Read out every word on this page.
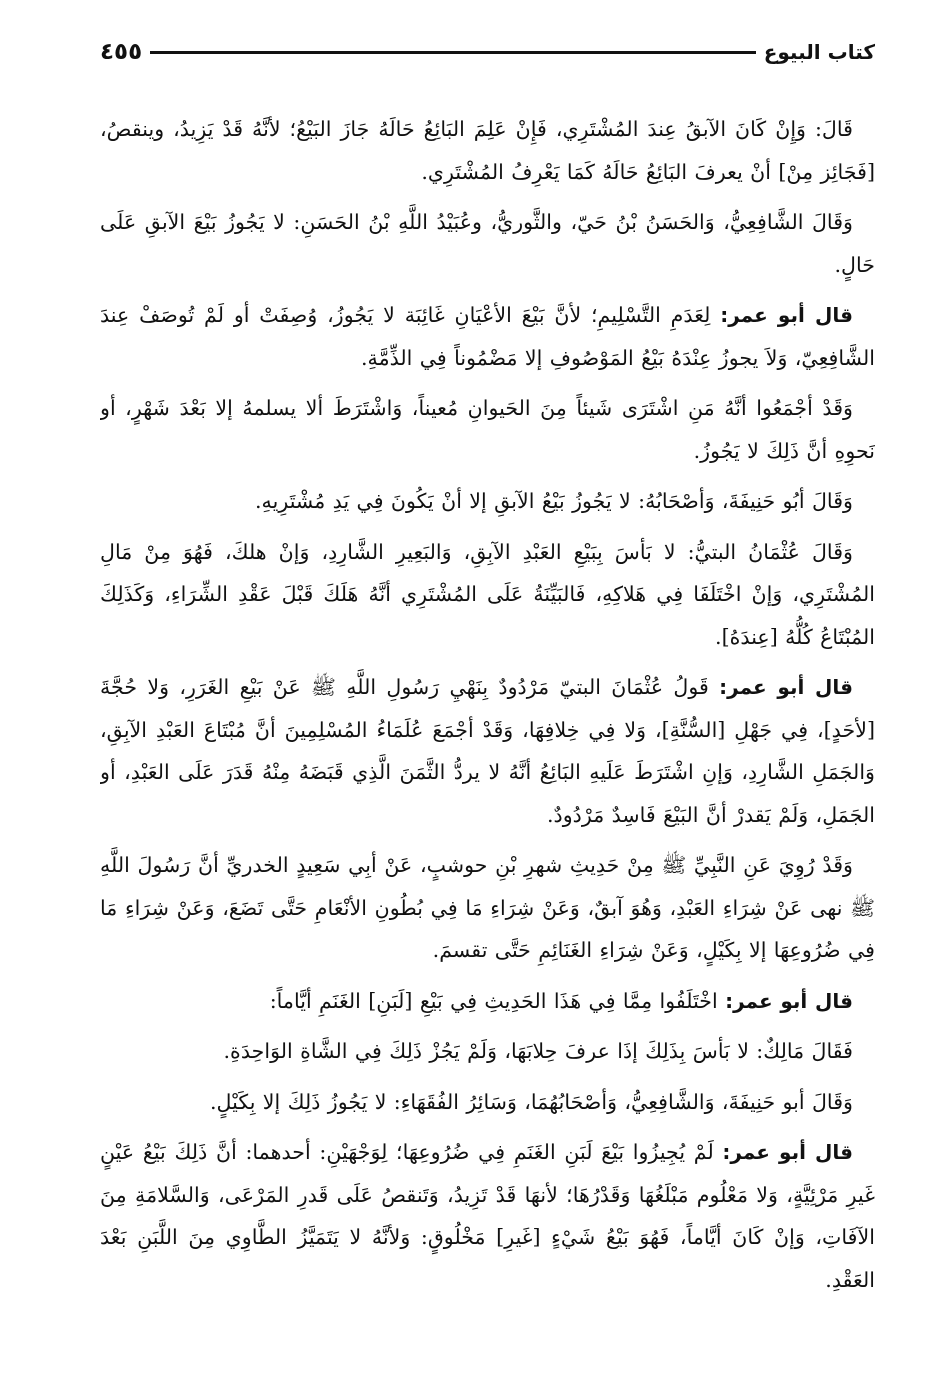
كتاب البيوع
٤٥٥

قَالَ: وَإِنْ كَانَ الآبقُ عِندَ المُشْتَرِي، فَإِنْ عَلِمَ البَائِعُ حَالَهُ جَازَ البَيْعُ؛ لأنَّهُ قَدْ يَزِيدُ، وينقصُ، [فَجَائِز مِنْ] أنْ يعرفَ البَائِعُ حَالَهُ كَمَا يَعْرِفُ المُشْتَرِي.

وَقَالَ الشَّافِعِيُّ، وَالحَسَنُ بْنُ حَيّ، والثَّوريُّ، وعُبَيْدُ اللَّهِ بْنُ الحَسَنِ: لا يَجُوزُ بَيْعَ الآبقِ عَلَى حَالٍ.

قال أبو عمر: لِعَدَمِ التَّسْلِيمِ؛ لأنَّ بَيْعَ الأعْيَانِ غَائِبَة لا يَجُوزُ، وُصِفَتْ أو لَمْ تُوصَفْ عِندَ الشَّافِعِيّ، وَلاَ يجوزُ عِنْدَهُ بَيْعُ المَوْصُوفِ إلا مَضْمُوناً فِي الذِّمَّةِ.

وَقَدْ أجْمَعُوا أنَّهُ مَنِ اشْتَرَى شَيئاً مِنَ الحَيوانِ مُعيناً، وَاشْتَرَطَ ألا يسلمهُ إلا بَعْدَ شَهْرٍ، أو نَحوِهِ أنَّ ذَلِكَ لا يَجُوزُ.

وَقَالَ أبُو حَنِيفَةَ، وَأصْحَابُهُ: لا يَجُوزُ بَيْعُ الآبقِ إلا أنْ يَكُونَ فِي يَدِ مُشْتَرِيهِ.

وَقَالَ عُثْمَانُ البتيُّ: لا بَأسَ بِبَيْعِ العَبْدِ الآبِقِ، وَالبَعِيرِ الشَّارِدِ، وَإنْ هلكَ، فَهُوَ مِنْ مَالِ المُشْتَرِي، وَإنْ اخْتَلَفَا فِي هَلاكِهِ، فَالبَيِّنَةُ عَلَى المُشْتَرِي أنَّهُ هَلَكَ قَبْلَ عَقْدِ الشِّرَاءِ، وَكَذَلِكَ المُبْتَاعُ كُلُّهُ [عِندَهُ].

قال أبو عمر: قَولُ عُثْمَانَ البتيّ مَرْدُودٌ بِنَهْيِ رَسُولِ اللَّهِ ﷺ عَنْ بَيْعِ الغَرَرِ، وَلا حُجَّةَ [لأحَدٍ]، فِي جَهْلِ [السُّنَّةِ]، وَلا فِي خِلافِهَا، وَقَدْ أجْمَعَ عُلَمَاءُ المُسْلِمِينَ أنَّ مُبْتَاعَ العَبْدِ الآبِقِ، وَالجَمَلِ الشَّارِدِ، وَإنِ اشْتَرَطَ عَلَيهِ البَائِعُ أنَّهُ لا يردُّ الثَّمَنَ الَّذِي قَبَضَهُ مِنْهُ قَدَرَ عَلَى العَبْدِ، أو الجَمَلِ، وَلَمْ يَقدرْ أنَّ البَيْعَ فَاسِدٌ مَرْدُودٌ.

وَقَدْ رُوِيَ عَنِ النَّبِيِّ ﷺ مِنْ حَدِيثِ شهرِ بْنِ حوشبٍ، عَنْ أبِي سَعِيدٍ الخدريِّ أنَّ رَسُولَ اللَّهِ ﷺ نهى عَنْ شِرَاءِ العَبْدِ، وَهُوَ آبقٌ، وَعَنْ شِرَاءِ مَا فِي بُطُونِ الأنْعَامِ حَتَّى تَضَعَ، وَعَنْ شِرَاءِ مَا فِي ضُرُوعِهَا إلا بِكَيْلٍ، وَعَنْ شِرَاءِ الغَنَائِمِ حَتَّى تقسمَ.

قال أبو عمر: اخْتَلَفُوا مِمَّا فِي هَذَا الحَدِيثِ فِي بَيْعِ [لَبَنِ] الغَنَمِ أيَّاماً:

فَقَالَ مَالِكٌ: لا بَأسَ بِذَلِكَ إذَا عرفَ حِلابَهَا، وَلَمْ يَجُزْ ذَلِكَ فِي الشَّاةِ الوَاحِدَةِ.

وَقَالَ أبو حَنِيفَةَ، وَالشَّافِعِيُّ، وَأصْحَابُهُمَا، وَسَائِرُ الفُقَهَاءِ: لا يَجُوزُ ذَلِكَ إلا بِكَيْلٍ.

قال أبو عمر: لَمْ يُجِيزُوا بَيْعَ لَبَنِ الغَنَمِ فِي ضُرُوعِهَا؛ لِوَجْهَيْنِ: أحدهما: أنَّ ذَلِكَ بَيْعُ عَيْنٍ غَيرِ مَرْئِيَّةٍ، وَلا مَعْلُوم مَبْلَغُهَا وَقَدْرُهَا؛ لأنهَا قَدْ تَزِيدُ، وَتَنقصُ عَلَى قَدرِ المَرْعَى، وَالسَّلامَةِ مِنَ الآفَاتِ، وَإنْ كَانَ أيَّاماً، فَهُوَ بَيْعُ شَيْءٍ [غَيرِ] مَخْلُوقٍ: وَلأنَّهُ لا يَتَمَيَّزُ الطَّاوِي مِنَ اللَّبَنِ بَعْدَ العَقْدِ.
